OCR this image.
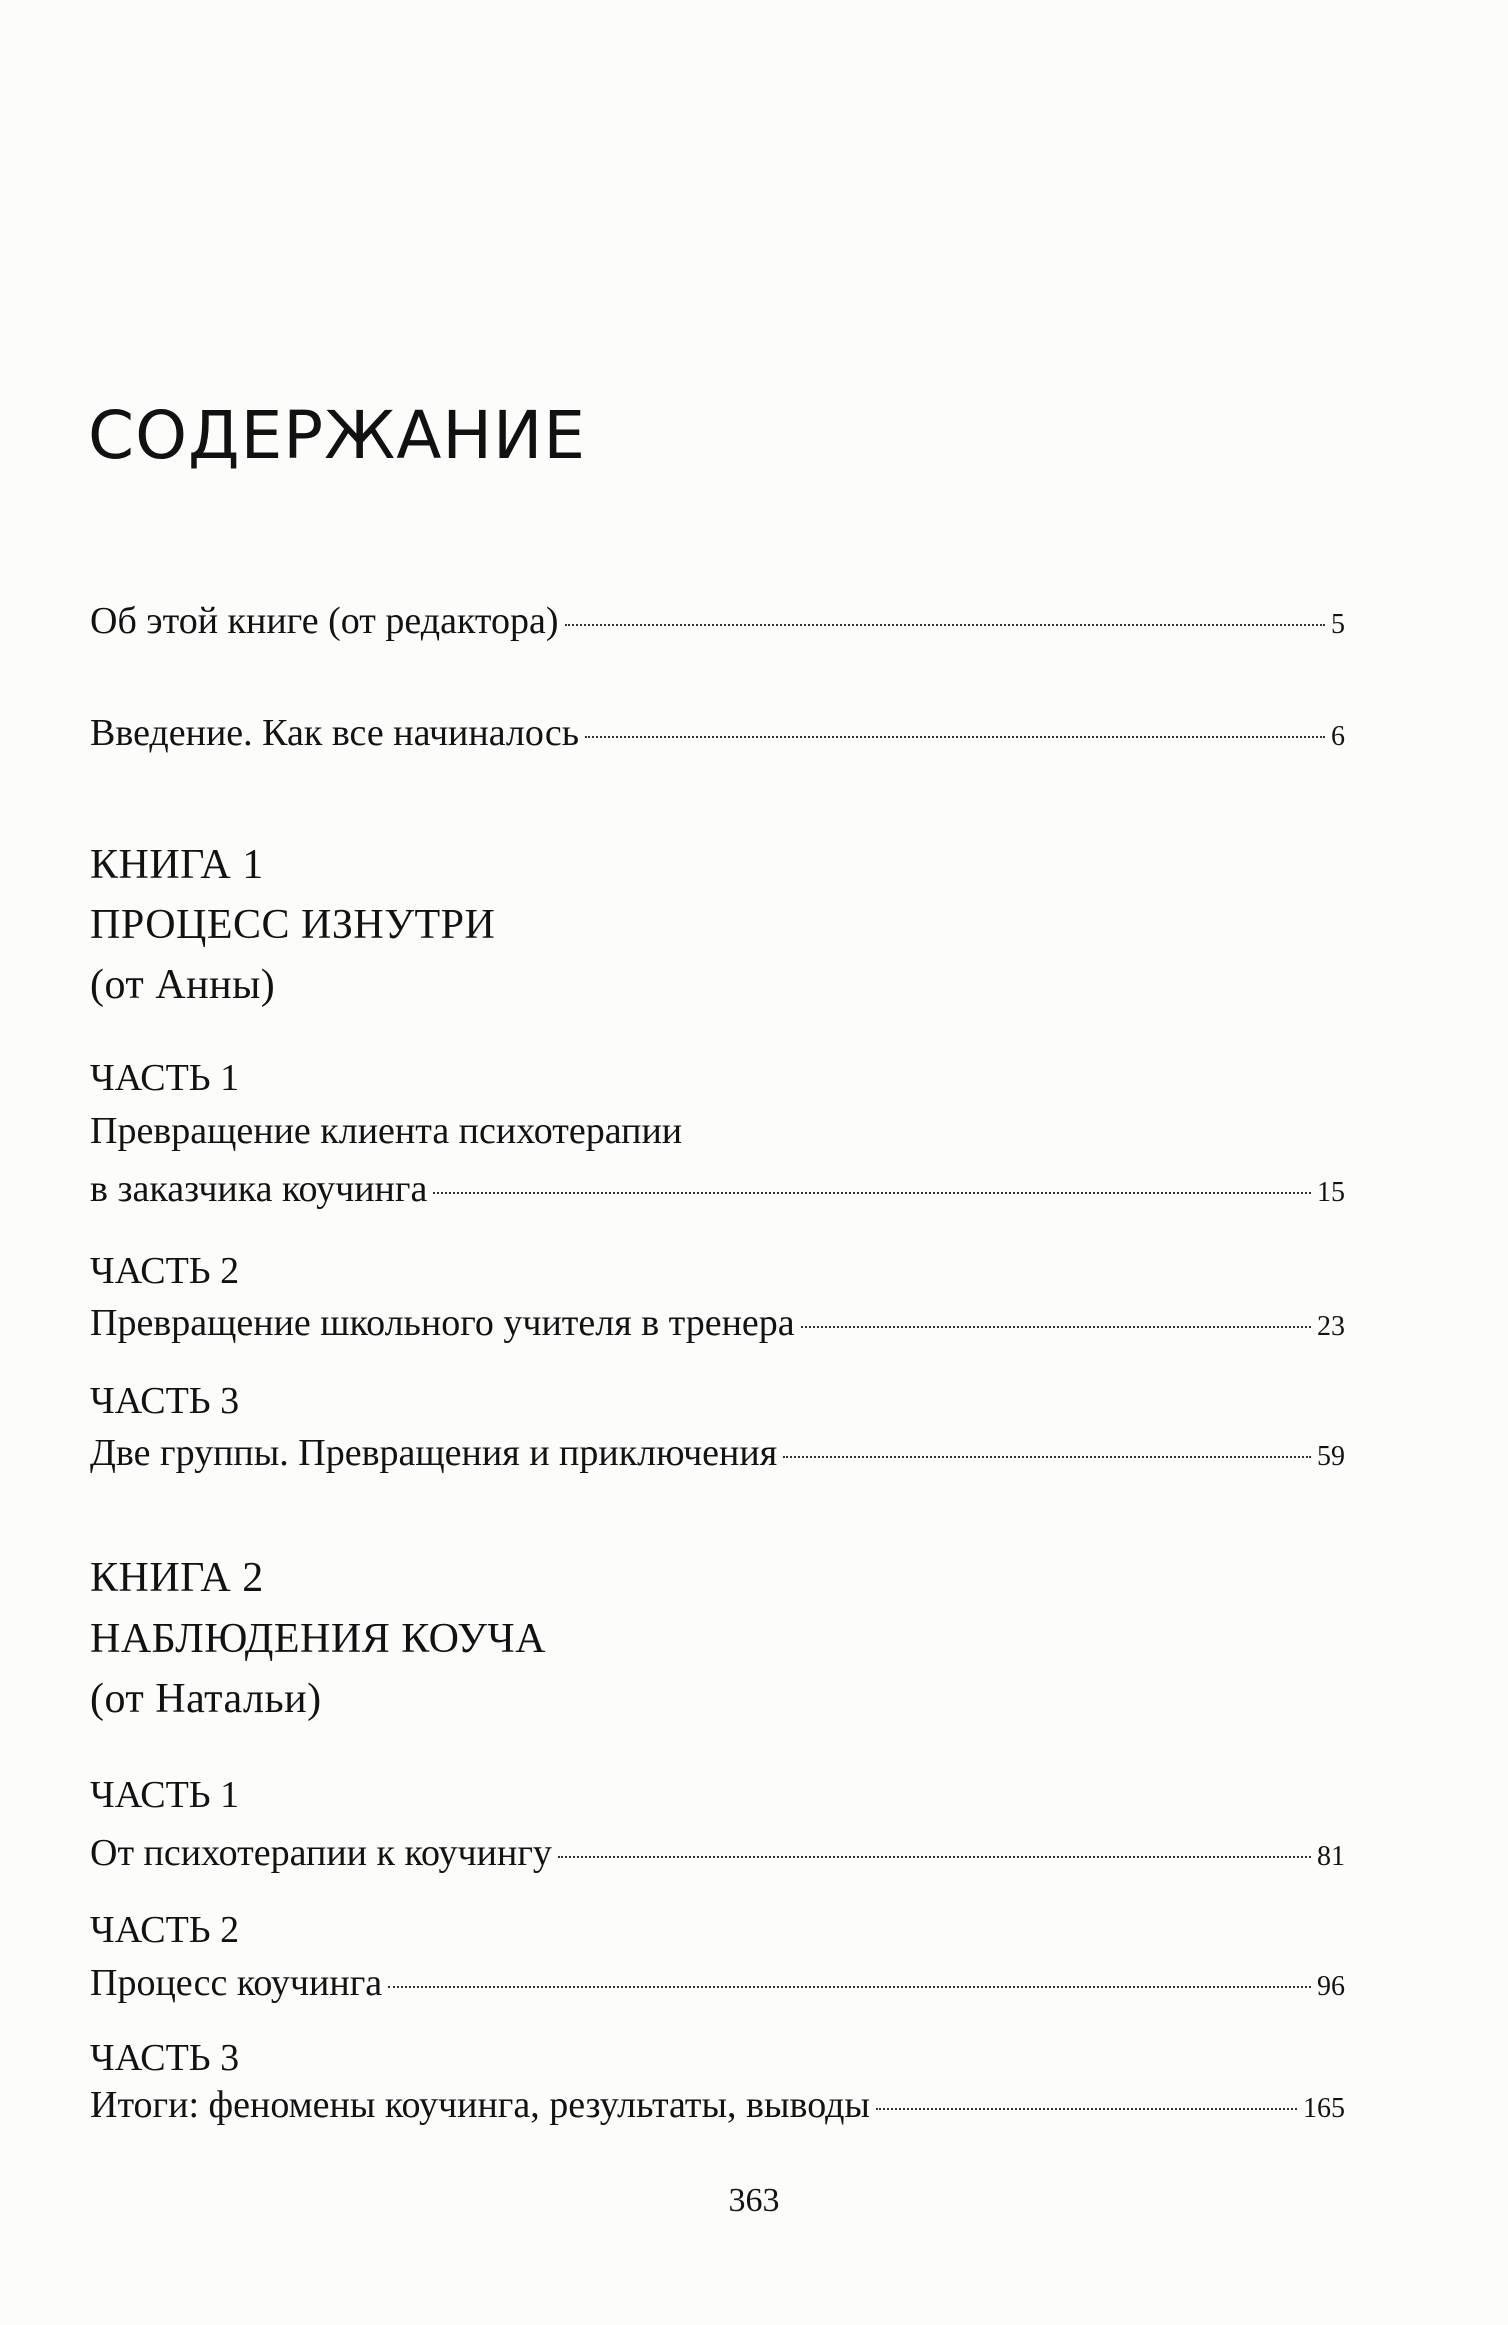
СОДЕРЖАНИЕ
Об этой книге (от редактора)	5
Введение. Как все начиналось	6
КНИГА 1
ПРОЦЕСС ИЗНУТРИ
(от Анны)
ЧАСТЬ 1
Превращение клиента психотерапии
в заказчика коучинга	15
ЧАСТЬ 2
Превращение школьного учителя в тренера	23
ЧАСТЬ 3
Две группы. Превращения и приключения	59
КНИГА 2
НАБЛЮДЕНИЯ КОУЧА
(от Натальи)
ЧАСТЬ 1
От психотерапии к коучингу	81
ЧАСТЬ 2
Процесс коучинга	96
ЧАСТЬ 3
Итоги: феномены коучинга, результаты, выводы	165
363
